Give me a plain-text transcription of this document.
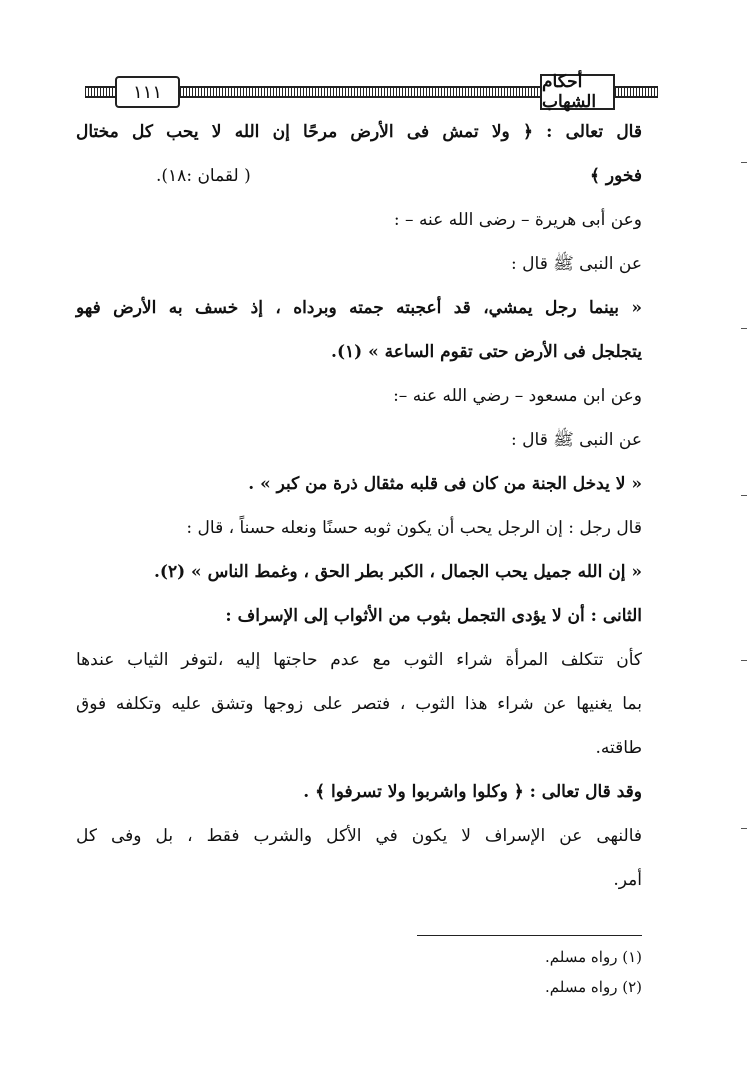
١١١	أحكام الشهاب
قال تعالى : ﴿ ولا تمش فى الأرض مرحًا إن الله لا يحب كل مختال
فخور ﴾
( لقمان :١٨).
وعن أبى هريرة – رضى الله عنه – :
عن النبى ﷺ قال :
« بينما رجل يمشي، قد أعجبته جمته وبرداه ، إذ خسف به الأرض فهو
يتجلجل فى الأرض حتى تقوم الساعة » (١).
وعن ابن مسعود – رضي الله عنه –:
عن النبى ﷺ قال :
« لا يدخل الجنة من كان فى قلبه مثقال ذرة من كبر » .
قال رجل : إن الرجل يحب أن يكون ثوبه حسنًا ونعله حسناً ، قال :
« إن الله جميل يحب الجمال ، الكبر بطر الحق ، وغمط الناس » (٢).
الثانى : أن لا يؤدى التجمل بثوب من الأثواب إلى الإسراف :
كأن تتكلف المرأة شراء الثوب مع عدم حاجتها إليه ،لتوفر الثياب عندها
بما يغنيها عن شراء هذا الثوب ، فتصر على زوجها وتشق عليه وتكلفه فوق
طاقته.
وقد قال تعالى : ﴿ وكلوا واشربوا ولا تسرفوا ﴾ .
فالنهى عن الإسراف لا يكون في الأكل والشرب فقط ، بل وفى كل
أمر.
(١) رواه مسلم.
(٢) رواه مسلم.
